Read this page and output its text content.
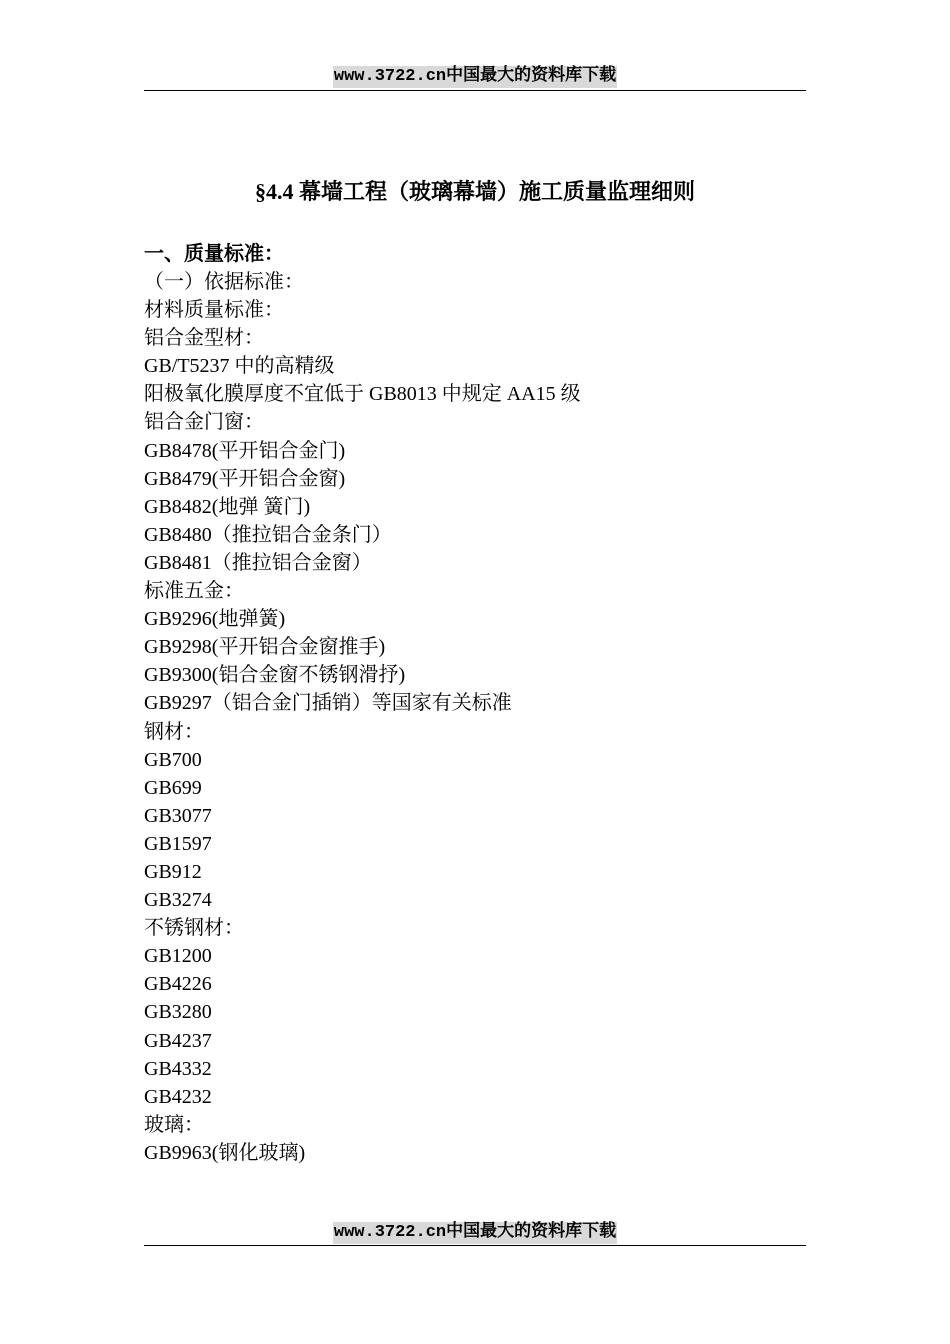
www.3722.cn中国最大的资料库下载
§4.4 幕墙工程（玻璃幕墙）施工质量监理细则
一、质量标准：
（一）依据标准：
材料质量标准：
铝合金型材：
GB/T5237 中的高精级
阳极氧化膜厚度不宜低于 GB8013 中规定 AA15 级
铝合金门窗：
GB8478(平开铝合金门)
GB8479(平开铝合金窗)
GB8482(地弹 簧门)
GB8480（推拉铝合金条门）
GB8481（推拉铝合金窗）
标准五金：
GB9296(地弹簧)
GB9298(平开铝合金窗推手)
GB9300(铝合金窗不锈钢滑抒)
GB9297（铝合金门插销）等国家有关标准
钢材：
GB700
GB699
GB3077
GB1597
GB912
GB3274
不锈钢材：
GB1200
GB4226
GB3280
GB4237
GB4332
GB4232
玻璃：
GB9963(钢化玻璃)
www.3722.cn中国最大的资料库下载
